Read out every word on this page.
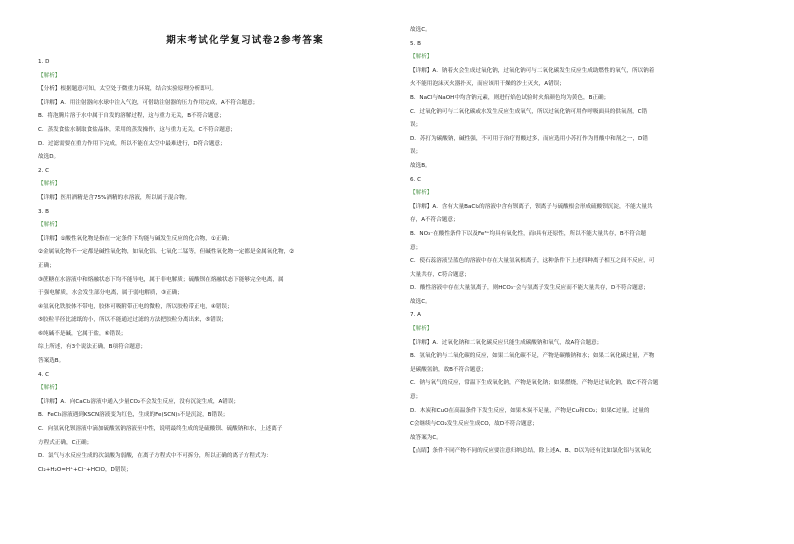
期末考试化学复习试卷2参考答案
1. D
【解析】
【分析】根据题意可知，太空处于微重力环境，结合实验原理分析即可。
【详解】A．用注射器向水球中注入气泡，可借助注射器的压力作用完成，A不符合题意；
B．将泡腾片溶于水中属于自发的溶解过程，这与重力无关，B不符合题意；
C．蒸发食盐水制取食盐晶体，采用的蒸发操作，这与重力无关，C不符合题意；
D．过滤需要在重力作用下完成，所以不能在太空中最难进行，D符合题意；
故选D。
2. C
【解析】
【详解】医用酒精是含75%酒精的水溶液，所以属于混合物。
3. B
【解析】
【详解】①酸性氧化物是指在一定条件下均能与碱发生反应的化合物，①正确；
②金属氧化物不一定都是碱性氧化物，如氧化铝、七氧化二锰等，但碱性氧化物一定都是金属氧化物，②
正确；
③蔗糖在水溶液中和熔融状态下均不能导电，属于非电解质；硫酸钡在熔融状态下能够完全电离，属
于强电解质，水会发生部分电离，属于弱电解质，③正确；
④氢氧化铁胶体不带电，胶体可吸附带正电的微粒，所以胶粒带正电，④错误；
⑤胶粒半径比滤纸的小，所以不能通过过滤的方法把胶粒分离出来，⑤错误；
⑥纯碱不是碱，它属于盐，⑥错误；
综上所述，有3个说法正确，B项符合题意；
答案选B。
4. C
【解析】
【详解】A．向CaCl₂溶液中通入少量CO₂不会发生反应，没有沉淀生成，A错误；
B．FeCl₃溶液遇到KSCN溶液变为红色，生成的Fe(SCN)₃不是沉淀，B错误；
C．向氢氧化钡溶液中滴加硫酸氢钠溶液至中性，说明最终生成的是硫酸钡、硫酸钠和水，上述离子
方程式正确，C正确；
D．氯气与水反应生成的次氯酸为弱酸，在离子方程式中不可拆分，所以正确的离子方程式为：
Cl₂+H₂O=H⁺+Cl⁻+HClO，D错误；
故选C。
5. B
【解析】
【详解】A．钠着火会生成过氧化钠，过氧化钠可与二氧化碳发生反应生成助燃性的氧气，所以钠着
火不能用泡沫灭火器扑灭，而应该用干燥的沙土灭火，A错误；
B．NaCl与NaOH中均含钠元素，则进行焰色试验时火焰颜色均为黄色，B正确；
C．过氧化钠可与二氧化碳或水发生反应生成氧气，所以过氧化钠可用作呼吸面具的供氧剂，C错
误；
D．苏打为碳酸钠，碱性强，不可用于治疗胃酸过多，而应选用小苏打作为胃酸中和剂之一，D错
误；
故选B。
6. C
【解析】
【详解】A．含有大量BaCl₂的溶液中含有钡离子，钡离子与硫酸根会形成硫酸钡沉淀，不能大量共
存，A不符合题意；
B．NO₃⁻在酸性条件下以及Fe³⁺均具有氧化性，而I具有还原性，所以不能大量共存，B不符合题
意；
C．使石蕊溶液呈蓝色的溶液中存在大量氢氧根离子，这种条件下上述四种离子相互之间不反应，可
大量共存，C符合题意；
D．酸性溶液中存在大量氢离子，则HCO₃⁻会与氢离子发生反应而不能大量共存，D不符合题意；
故选C。
7. A
【解析】
【详解】A．过氧化钠和二氧化碳反应只能生成碳酸钠和氧气，故A符合题意；
B．氢氧化钠与二氧化碳的反应，如果二氧化碳不足，产物是碳酸钠和水；如果二氧化碳过量，产物
是碳酸氢钠，故B不符合题意；
C．钠与氧气的反应，常温下生成氧化钠，产物是氧化钠；如果燃烧，产物是过氧化钠，故C不符合题
意；
D．木炭和CuO在高温条件下发生反应，如果木炭不足量，产物是Cu和CO₂；如果C过量，过量的
C会继续与CO₂发生反应生成CO，故D不符合题意；
故答案为C。
【点睛】条件不同产物不同的反应要注意归纳总结，除上述A、B、D以为还有比如氯化铝与氢氧化
